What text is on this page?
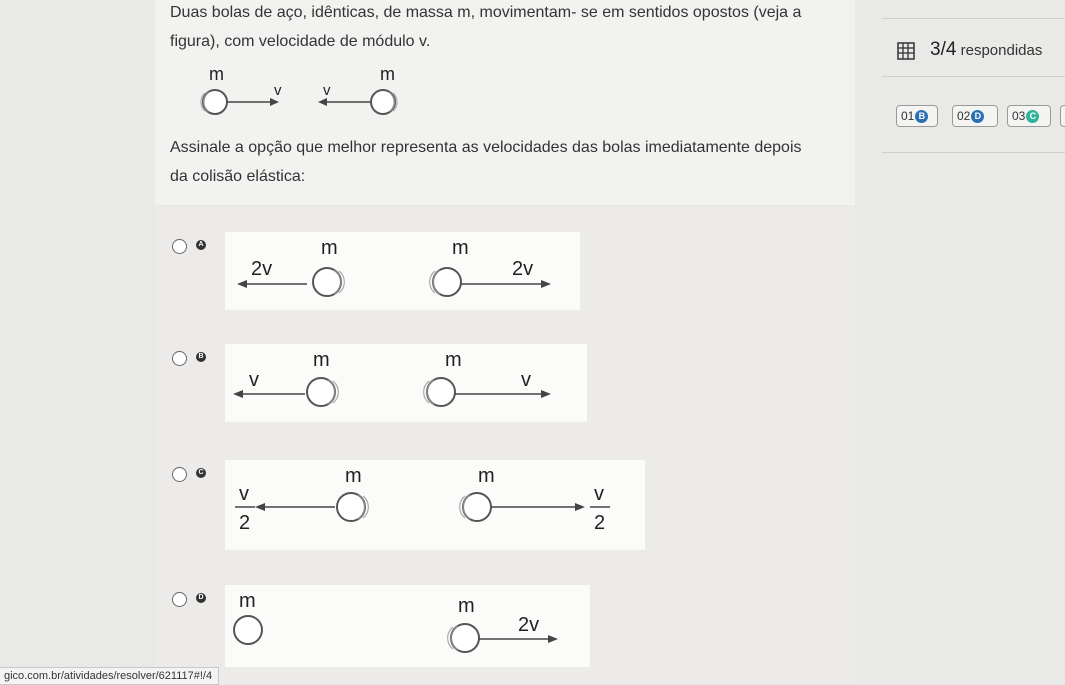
Duas bolas de aço, idênticas, de massa m, movimentam- se em sentidos opostos (veja a
figura), com velocidade de módulo v.
m	m
v	v
Assinale a opção que melhor representa as velocidades das bolas imediatamente depois
da colisão elástica:
A	m	m
2v	2v
B	m	m
v	v
C	m	m
v
2
v
2
D m	m
2v
3/4 respondidas
01 B	02 D	03 C
gico.com.br/atividades/resolver/621117#!/4
